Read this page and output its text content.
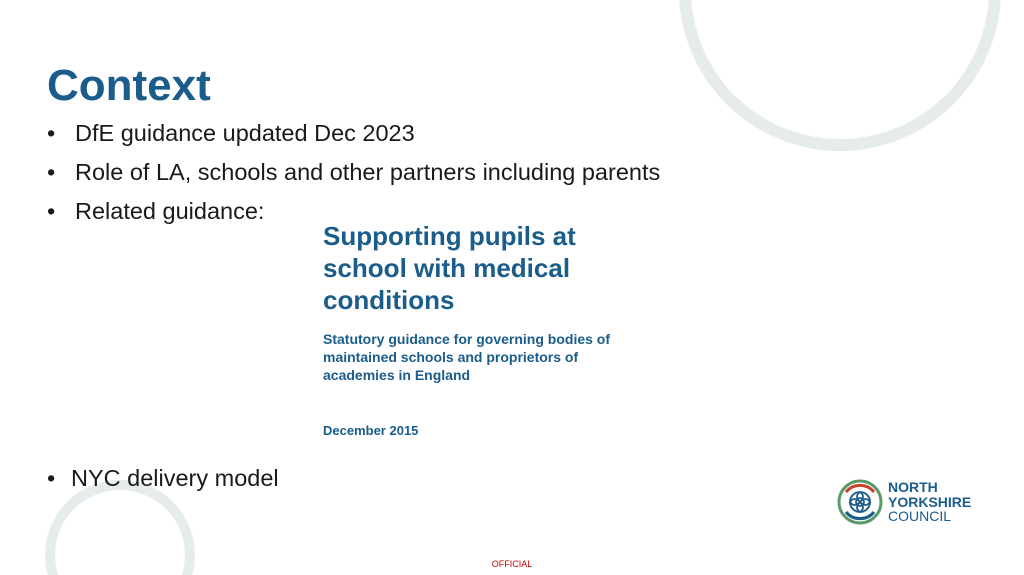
Context
• DfE guidance updated Dec 2023
• Role of LA, schools and other partners including parents
• Related guidance:

Supporting pupils at school with medical conditions

Statutory guidance for governing bodies of maintained schools and proprietors of academies in England

December 2015

• NYC delivery model	NORTH
YORKSHIRE
COUNCIL
OFFICIAL
